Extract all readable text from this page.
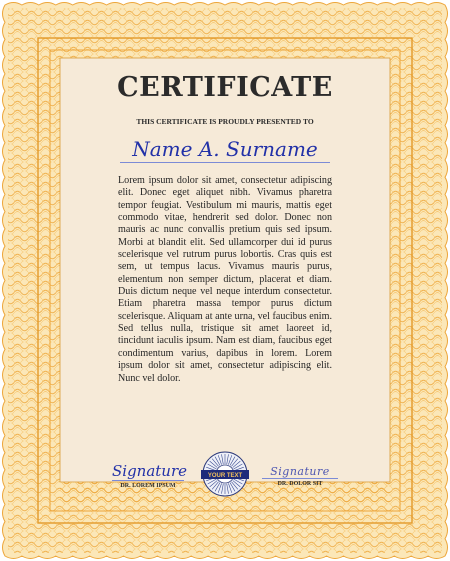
YOUR TEXT
CERTIFICATE
THIS CERTIFICATE IS PROUDLY PRESENTED TO
Name A. Surname
Lorem ipsum dolor sit amet, consectetur adipiscing elit. Donec eget aliquet nibh. Vivamus pharetra tempor feugiat. Vestibulum mi mauris, mattis eget commodo vitae, hendrerit sed dolor. Donec non mauris ac nunc convallis pretium quis sed ipsum. Morbi at blandit elit. Sed ullamcorper dui id purus scelerisque vel rutrum purus lobortis. Cras quis est sem, ut tempus lacus. Vivamus mauris purus, elementum non semper dictum, placerat et diam. Duis dictum neque vel neque interdum consectetur. Etiam pharetra massa tempor purus dictum scelerisque. Aliquam at ante urna, vel faucibus enim. Sed tellus nulla, tristique sit amet laoreet id, tincidunt iaculis ipsum. Nam est diam, faucibus eget condimentum varius, dapibus in lorem. Lorem ipsum dolor sit amet, consectetur adipiscing elit. Nunc vel dolor.
Signature
DR. LOREM IPSUM
Signature
DR. DOLOR SIT
